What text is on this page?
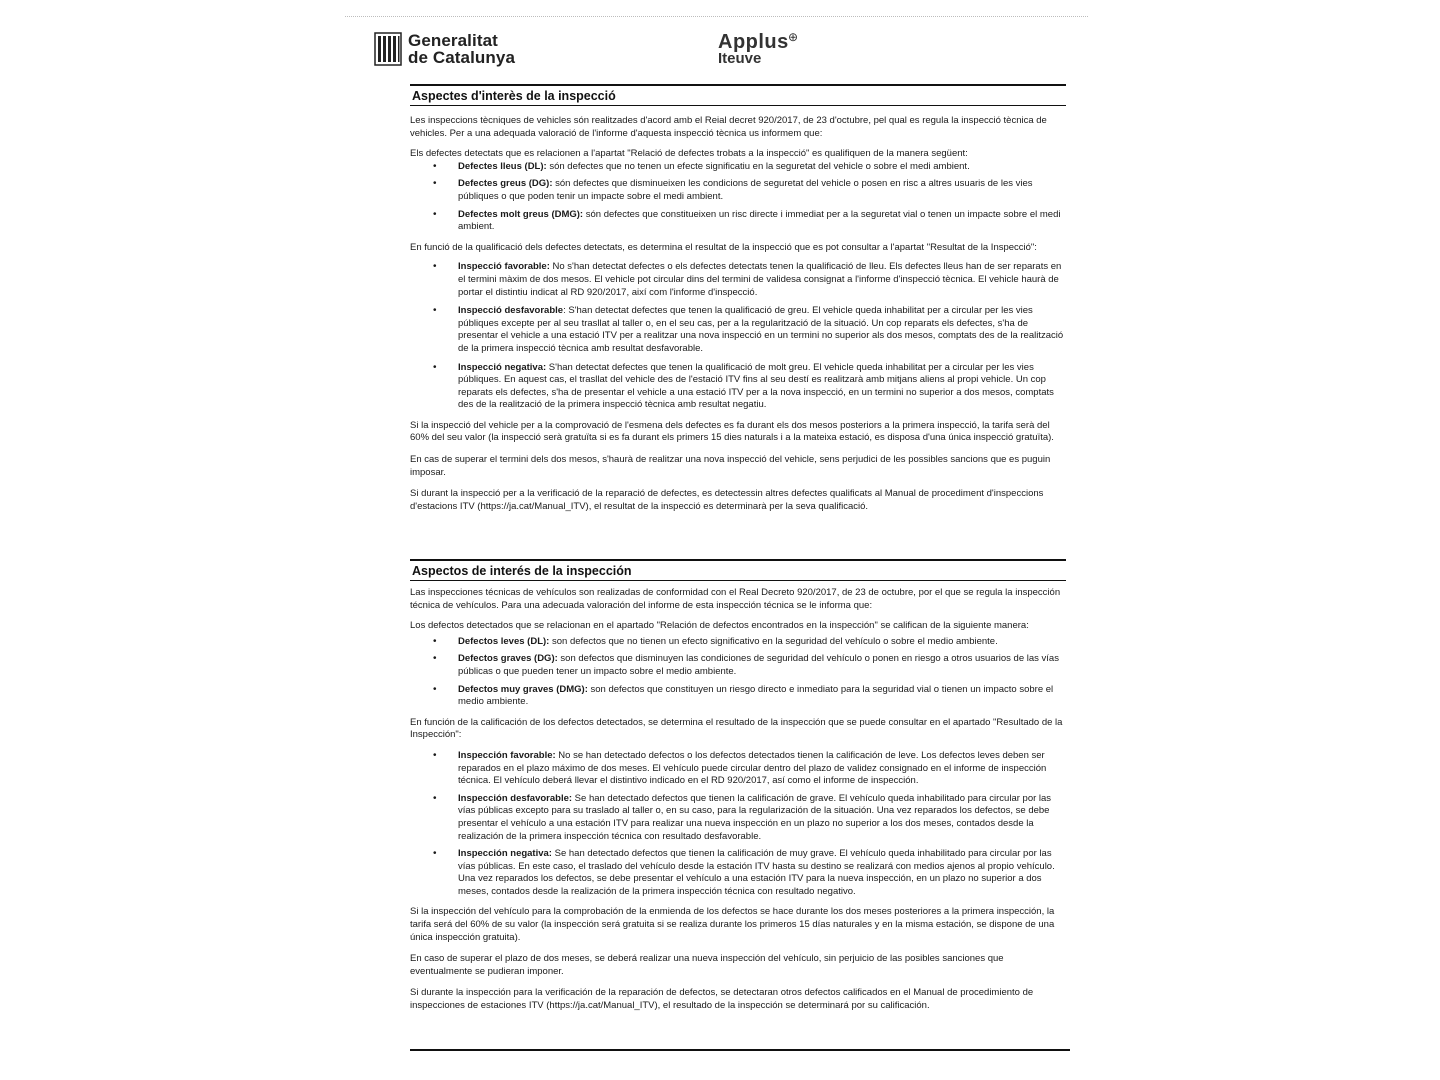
Generalitat
de Catalunya
Applus ⊕
Iteuve
Aspectes d'interès de la inspecció

Les inspeccions tècniques de vehicles són realitzades d'acord amb el Reial decret 920/2017, de 23 d'octubre, pel qual es regula la inspecció tècnica de vehicles. Per a una adequada valoració de l'informe d'aquesta inspecció tècnica us informem que:

Els defectes detectats que es relacionen a l'apartat "Relació de defectes trobats a la inspecció" es qualifiquen de la manera següent:

• Defectes lleus (DL): són defectes que no tenen un efecte significatiu en la seguretat del vehicle o sobre el medi ambient.
• Defectes greus (DG): són defectes que disminueixen les condicions de seguretat del vehicle o posen en risc a altres usuaris de les vies públiques o que poden tenir un impacte sobre el medi ambient.
• Defectes molt greus (DMG): són defectes que constitueixen un risc directe i immediat per a la seguretat vial o tenen un impacte sobre el medi ambient.

En funció de la qualificació dels defectes detectats, es determina el resultat de la inspecció que es pot consultar a l'apartat "Resultat de la Inspecció":

• Inspecció favorable: No s'han detectat defectes o els defectes detectats tenen la qualificació de lleu. Els defectes lleus han de ser reparats en el termini màxim de dos mesos. El vehicle pot circular dins del termini de validesa consignat a l'informe d'inspecció tècnica. El vehicle haurà de portar el distintiu indicat al RD 920/2017, així com l'informe d'inspecció.
• Inspecció desfavorable: S'han detectat defectes que tenen la qualificació de greu. El vehicle queda inhabilitat per a circular per les vies públiques excepte per al seu trasllat al taller o, en el seu cas, per a la regularització de la situació. Un cop reparats els defectes, s'ha de presentar el vehicle a una estació ITV per a realitzar una nova inspecció en un termini no superior als dos mesos, comptats des de la realització de la primera inspecció tècnica amb resultat desfavorable.
• Inspecció negativa: S'han detectat defectes que tenen la qualificació de molt greu. El vehicle queda inhabilitat per a circular per les vies públiques. En aquest cas, el trasllat del vehicle des de l'estació ITV fins al seu destí es realitzarà amb mitjans aliens al propi vehicle. Un cop reparats els defectes, s'ha de presentar el vehicle a una estació ITV per a la nova inspecció, en un termini no superior a dos mesos, comptats des de la realització de la primera inspecció tècnica amb resultat negatiu.

Si la inspecció del vehicle per a la comprovació de l'esmena dels defectes es fa durant els dos mesos posteriors a la primera inspecció, la tarifa serà del 60% del seu valor (la inspecció serà gratuïta si es fa durant els primers 15 dies naturals i a la mateixa estació, es disposa d'una única inspecció gratuïta).

En cas de superar el termini dels dos mesos, s'haurà de realitzar una nova inspecció del vehicle, sens perjudici de les possibles sancions que es puguin imposar.

Si durant la inspecció per a la verificació de la reparació de defectes, es detectessin altres defectes qualificats al Manual de procediment d'inspeccions d'estacions ITV (https://ja.cat/Manual_ITV), el resultat de la inspecció es determinarà per la seva qualificació.

Aspectos de interés de la inspección

Las inspecciones técnicas de vehículos son realizadas de conformidad con el Real Decreto 920/2017, de 23 de octubre, por el que se regula la inspección técnica de vehículos. Para una adecuada valoración del informe de esta inspección técnica se le informa que:

Los defectos detectados que se relacionan en el apartado "Relación de defectos encontrados en la inspección" se califican de la siguiente manera:

• Defectos leves (DL): son defectos que no tienen un efecto significativo en la seguridad del vehículo o sobre el medio ambiente.
• Defectos graves (DG): son defectos que disminuyen las condiciones de seguridad del vehículo o ponen en riesgo a otros usuarios de las vías públicas o que pueden tener un impacto sobre el medio ambiente.
• Defectos muy graves (DMG): son defectos que constituyen un riesgo directo e inmediato para la seguridad vial o tienen un impacto sobre el medio ambiente.

En función de la calificación de los defectos detectados, se determina el resultado de la inspección que se puede consultar en el apartado "Resultado de la Inspección":

• Inspección favorable: No se han detectado defectos o los defectos detectados tienen la calificación de leve. Los defectos leves deben ser reparados en el plazo máximo de dos meses. El vehículo puede circular dentro del plazo de validez consignado en el informe de inspección técnica. El vehículo deberá llevar el distintivo indicado en el RD 920/2017, así como el informe de inspección.
• Inspección desfavorable: Se han detectado defectos que tienen la calificación de grave. El vehículo queda inhabilitado para circular por las vías públicas excepto para su traslado al taller o, en su caso, para la regularización de la situación. Una vez reparados los defectos, se debe presentar el vehículo a una estación ITV para realizar una nueva inspección en un plazo no superior a los dos meses, contados desde la realización de la primera inspección técnica con resultado desfavorable.
• Inspección negativa: Se han detectado defectos que tienen la calificación de muy grave. El vehículo queda inhabilitado para circular por las vías públicas. En este caso, el traslado del vehículo desde la estación ITV hasta su destino se realizará con medios ajenos al propio vehículo. Una vez reparados los defectos, se debe presentar el vehículo a una estación ITV para la nueva inspección, en un plazo no superior a dos meses, contados desde la realización de la primera inspección técnica con resultado negativo.

Si la inspección del vehículo para la comprobación de la enmienda de los defectos se hace durante los dos meses posteriores a la primera inspección, la tarifa será del 60% de su valor (la inspección será gratuita si se realiza durante los primeros 15 días naturales y en la misma estación, se dispone de una única inspección gratuita).

En caso de superar el plazo de dos meses, se deberá realizar una nueva inspección del vehículo, sin perjuicio de las posibles sanciones que eventualmente se pudieran imponer.

Si durante la inspección para la verificación de la reparación de defectos, se detectaran otros defectos calificados en el Manual de procedimiento de inspecciones de estaciones ITV (https://ja.cat/Manual_ITV), el resultado de la inspección se determinará por su calificación.
